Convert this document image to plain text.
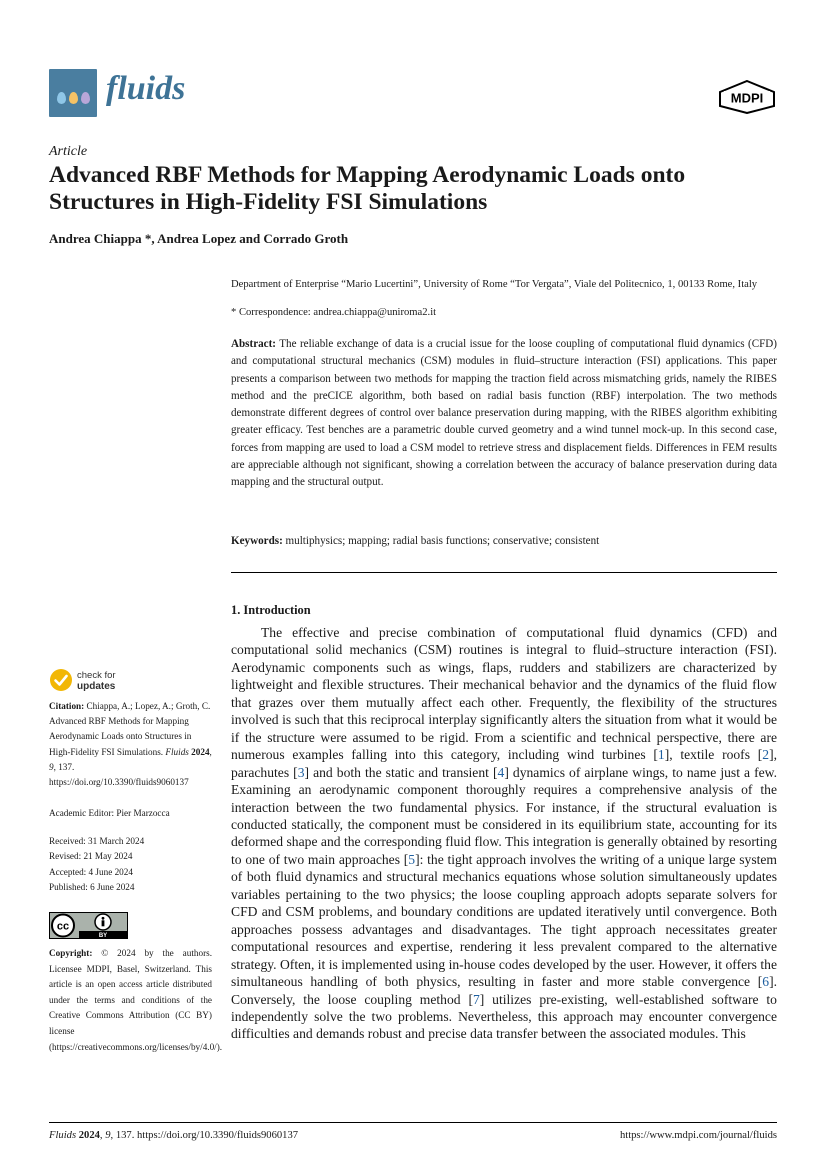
fluids	MDPI
Article
Advanced RBF Methods for Mapping Aerodynamic Loads onto Structures in High-Fidelity FSI Simulations
Andrea Chiappa *, Andrea Lopez and Corrado Groth
Department of Enterprise “Mario Lucertini”, University of Rome “Tor Vergata”, Viale del Politecnico, 1, 00133 Rome, Italy
* Correspondence: andrea.chiappa@uniroma2.it
Abstract: The reliable exchange of data is a crucial issue for the loose coupling of computational fluid dynamics (CFD) and computational structural mechanics (CSM) modules in fluid–structure interaction (FSI) applications. This paper presents a comparison between two methods for mapping the traction field across mismatching grids, namely the RIBES method and the preCICE algorithm, both based on radial basis function (RBF) interpolation. The two methods demonstrate different degrees of control over balance preservation during mapping, with the RIBES algorithm exhibiting greater efficacy. Test benches are a parametric double curved geometry and a wind tunnel mock-up. In this second case, forces from mapping are used to load a CSM model to retrieve stress and displacement fields. Differences in FEM results are appreciable although not significant, showing a correlation between the accuracy of balance preservation during data mapping and the structural output.
Keywords: multiphysics; mapping; radial basis functions; conservative; consistent
1. Introduction
The effective and precise combination of computational fluid dynamics (CFD) and computational solid mechanics (CSM) routines is integral to fluid–structure interaction (FSI). Aerodynamic components such as wings, flaps, rudders and stabilizers are characterized by lightweight and flexible structures. Their mechanical behavior and the dynamics of the fluid flow that grazes over them mutually affect each other. Frequently, the flexibility of the structures involved is such that this reciprocal interplay significantly alters the situation from what it would be if the structure were assumed to be rigid. From a scientific and technical perspective, there are numerous examples falling into this category, including wind turbines [1], textile roofs [2], parachutes [3] and both the static and transient [4] dynamics of airplane wings, to name just a few. Examining an aerodynamic component thoroughly requires a comprehensive analysis of the interaction between the two fundamental physics. For instance, if the structural evaluation is conducted statically, the component must be considered in its equilibrium state, accounting for its deformed shape and the corresponding fluid flow. This integration is generally obtained by resorting to one of two main approaches [5]: the tight approach involves the writing of a unique large system of both fluid dynamics and structural mechanics equations whose solution simultaneously updates variables pertaining to the two physics; the loose coupling approach adopts separate solvers for CFD and CSM problems, and boundary conditions are updated iteratively until convergence. Both approaches possess advantages and disadvantages. The tight approach necessitates greater computational resources and expertise, rendering it less prevalent compared to the alternative strategy. Often, it is implemented using in-house codes developed by the user. However, it offers the simultaneous handling of both physics, resulting in faster and more stable convergence [6]. Conversely, the loose coupling method [7] utilizes pre-existing, well-established software to independently solve the two problems. Nevertheless, this approach may encounter convergence difficulties and demands robust and precise data transfer between the associated modules. This
check for
updates
Citation: Chiappa, A.; Lopez, A.; Groth, C. Advanced RBF Methods for Mapping Aerodynamic Loads onto Structures in High-Fidelity FSI Simulations. Fluids 2024, 9, 137. https://doi.org/10.3390/fluids9060137
Academic Editor: Pier Marzocca
Received: 31 March 2024
Revised: 21 May 2024
Accepted: 4 June 2024
Published: 6 June 2024
cc
BY
Copyright: © 2024 by the authors. Licensee MDPI, Basel, Switzerland. This article is an open access article distributed under the terms and conditions of the Creative Commons Attribution (CC BY) license (https://creativecommons.org/licenses/by/4.0/).
Fluids 2024, 9, 137. https://doi.org/10.3390/fluids9060137	https://www.mdpi.com/journal/fluids
